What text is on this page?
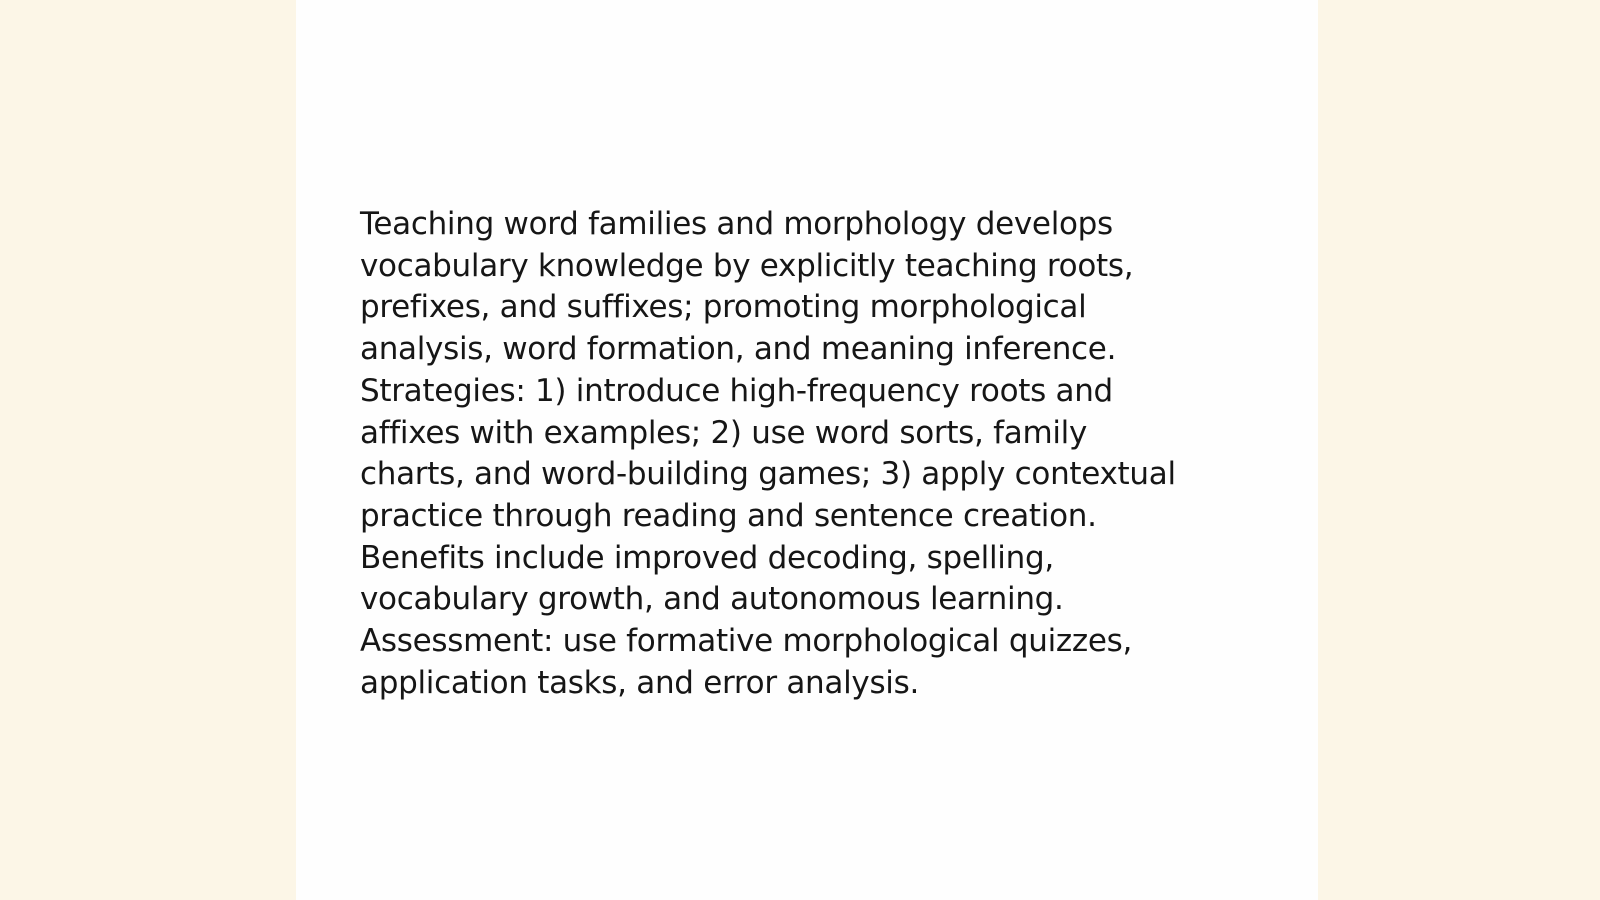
Teaching word families and morphology develops
vocabulary knowledge by explicitly teaching roots,
prefixes, and suffixes; promoting morphological
analysis, word formation, and meaning inference.
Strategies: 1) introduce high-frequency roots and
affixes with examples; 2) use word sorts, family
charts, and word-building games; 3) apply contextual
practice through reading and sentence creation.
Benefits include improved decoding, spelling,
vocabulary growth, and autonomous learning.
Assessment: use formative morphological quizzes,
application tasks, and error analysis.
